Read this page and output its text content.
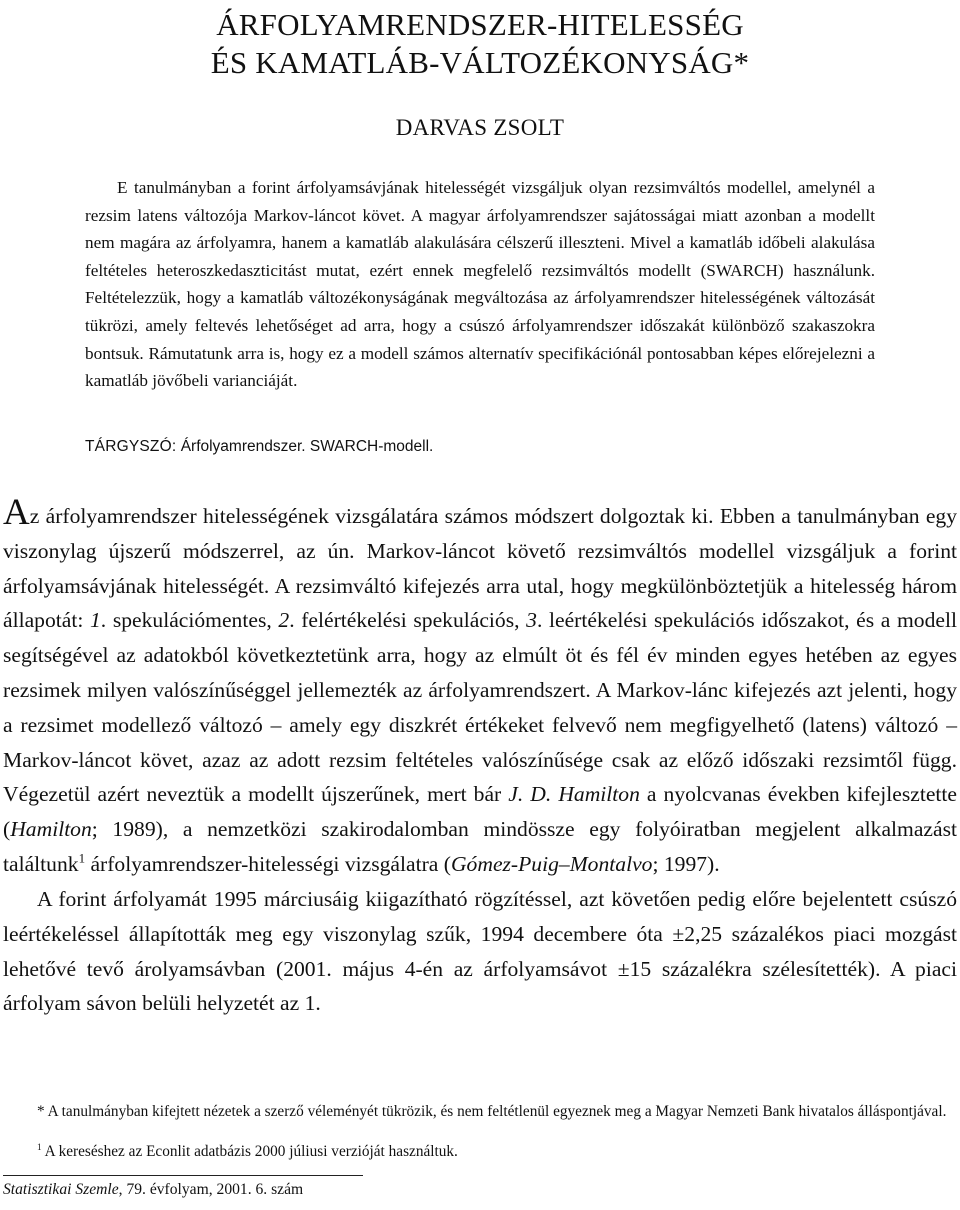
ÁRFOLYAMRENDSZER-HITELESSÉG
ÉS KAMATLÁB-VÁLTOZÉKONYSÁG*
DARVAS ZSOLT

E tanulmányban a forint árfolyamsávjának hitelességét vizsgáljuk olyan rezsimváltós modellel, amelynél a rezsim latens változója Markov-láncot követ. A magyar árfolyamrendszer sajátosságai miatt azonban a modellt nem magára az árfolyamra, hanem a kamatláb alakulására célszerű illeszteni. Mivel a kamatláb időbeli alakulása feltételes heteroszkedaszticitást mutat, ezért ennek megfelelő rezsimváltós modellt (SWARCH) használunk. Feltételezzük, hogy a kamatláb változékonyságának megváltozása az árfolyamrendszer hitelességének változását tükrözi, amely feltevés lehetőséget ad arra, hogy a csúszó árfolyamrendszer időszakát különböző szakaszokra bontsuk. Rámutatunk arra is, hogy ez a modell számos alternatív specifikációnál pontosabban képes előrejelezni a kamatláb jövőbeli varianciáját.

TÁRGYSZÓ: Árfolyamrendszer. SWARCH-modell.

Az árfolyamrendszer hitelességének vizsgálatára számos módszert dolgoztak ki. Ebben a tanulmányban egy viszonylag újszerű módszerrel, az ún. Markov-láncot követő rezsimváltós modellel vizsgáljuk a forint árfolyamsávjának hitelességét. A rezsimváltó kifejezés arra utal, hogy megkülönböztetjük a hitelesség három állapotát: 1. spekulációmentes, 2. felértékelési spekulációs, 3. leértékelési spekulációs időszakot, és a modell segítségével az adatokból következtetünk arra, hogy az elmúlt öt és fél év minden egyes hetében az egyes rezsimek milyen valószínűséggel jellemezték az árfolyamrendszert. A Markov-lánc kifejezés azt jelenti, hogy a rezsimet modellező változó – amely egy diszkrét értékeket felvevő nem megfigyelhető (latens) változó – Markov-láncot követ, azaz az adott rezsim feltételes valószínűsége csak az előző időszaki rezsimtől függ. Végezetül azért neveztük a modellt újszerűnek, mert bár J. D. Hamilton a nyolcvanas években kifejlesztette (Hamilton; 1989), a nemzetközi szakirodalomban mindössze egy folyóiratban megjelent alkalmazást találtunk$^1$ árfolyamrendszer-hitelességi vizsgálatra (Gómez-Puig–Montalvo; 1997).

A forint árfolyamát 1995 márciusáig kiigazítható rögzítéssel, azt követően pedig előre bejelentett csúszó leértékeléssel állapították meg egy viszonylag szűk, 1994 decembere óta ±2,25 százalékos piaci mozgást lehetővé tevő árolyamsávban (2001. május 4-én az árfolyamsávot ±15 százalékra szélesítették). A piaci árfolyam sávon belüli helyzetét az 1.

* A tanulmányban kifejtett nézetek a szerző véleményét tükrözik, és nem feltétlenül egyeznek meg a Magyar Nemzeti Bank hivatalos álláspontjával.

$^1$ A kereséshez az Econlit adatbázis 2000 júliusi verzióját használtuk.

Statisztikai Szemle, 79. évfolyam, 2001. 6. szám
